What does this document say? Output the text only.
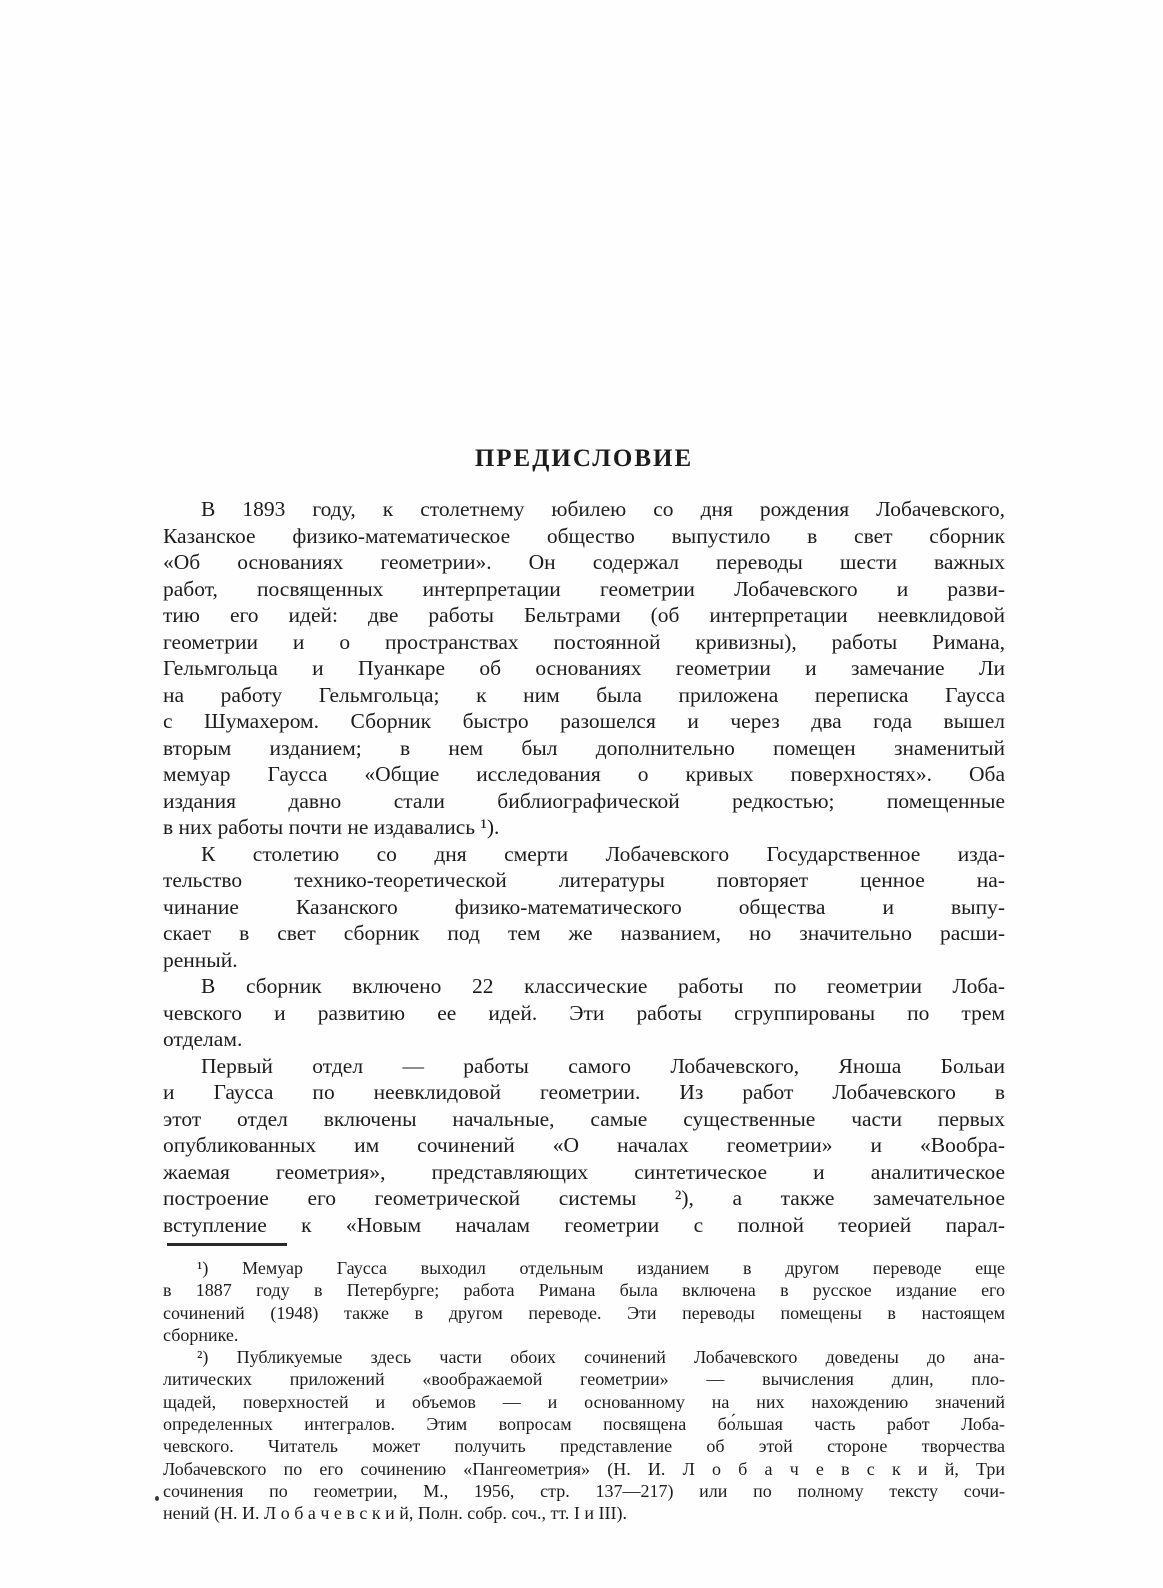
ПРЕДИСЛОВИЕ
В 1893 году, к столетнему юбилею со дня рождения Лобачевского,
Казанское физико-математическое общество выпустило в свет сборник
«Об основаниях геометрии». Он содержал переводы шести важных
работ, посвященных интерпретации геометрии Лобачевского и разви-
тию его идей: две работы Бельтрами (об интерпретации неевклидовой
геометрии и о пространствах постоянной кривизны), работы Римана,
Гельмгольца и Пуанкаре об основаниях геометрии и замечание Ли
на работу Гельмгольца; к ним была приложена переписка Гаусса
с Шумахером. Сборник быстро разошелся и через два года вышел
вторым изданием; в нем был дополнительно помещен знаменитый
мемуар Гаусса «Общие исследования о кривых поверхностях». Оба
издания давно стали библиографической редкостью; помещенные
в них работы почти не издавались ¹).
К столетию со дня смерти Лобачевского Государственное изда-
тельство технико-теоретической литературы повторяет ценное на-
чинание Казанского физико-математического общества и выпу-
скает в свет сборник под тем же названием, но значительно расши-
ренный.
В сборник включено 22 классические работы по геометрии Лоба-
чевского и развитию ее идей. Эти работы сгруппированы по трем
отделам.
Первый отдел — работы самого Лобачевского, Яноша Больаи
и Гаусса по неевклидовой геометрии. Из работ Лобачевского в
этот отдел включены начальные, самые существенные части первых
опубликованных им сочинений «О началах геометрии» и «Вообра-
жаемая геометрия», представляющих синтетическое и аналитическое
построение его геометрической системы ²), а также замечательное
вступление к «Новым началам геометрии с полной теорией парал-
¹) Мемуар Гаусса выходил отдельным изданием в другом переводе еще
в 1887 году в Петербурге; работа Римана была включена в русское издание его
сочинений (1948) также в другом переводе. Эти переводы помещены в настоящем
сборнике.
²) Публикуемые здесь части обоих сочинений Лобачевского доведены до ана-
литических приложений «воображаемой геометрии» — вычисления длин, пло-
щадей, поверхностей и объемов — и основанному на них нахождению значений
определенных интегралов. Этим вопросам посвящена бо́льшая часть работ Лоба-
чевского. Читатель может получить представление об этой стороне творчества
Лобачевского по его сочинению «Пангеометрия» (Н. И. Л о б а ч е в с к и й, Три
сочинения по геометрии, М., 1956, стр. 137—217) или по полному тексту сочи-
нений (Н. И. Л о б а ч е в с к и й, Полн. собр. соч., тт. I и III).
